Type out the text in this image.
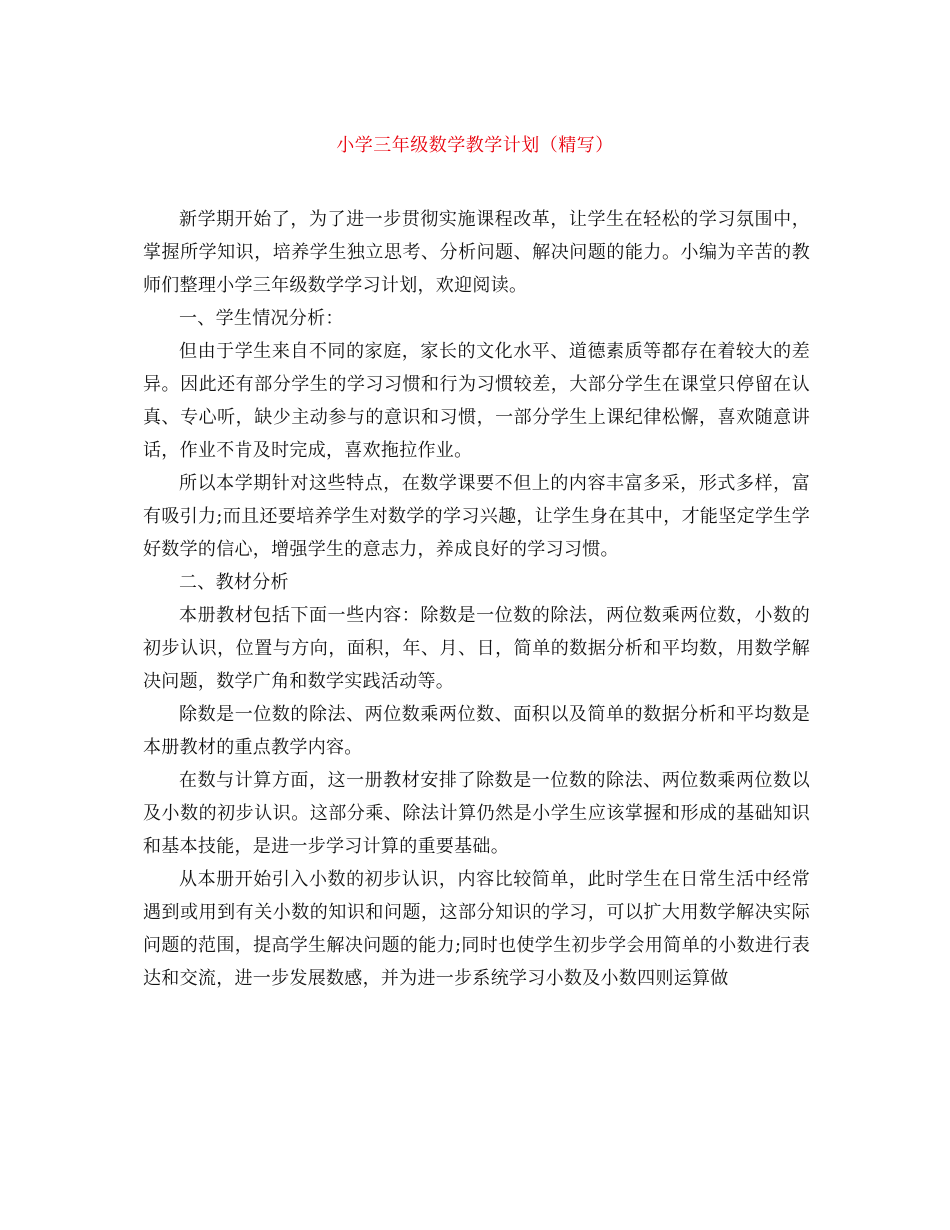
小学三年级数学教学计划（精写）

新学期开始了，为了进一步贯彻实施课程改革，让学生在轻松的学习氛围中，掌握所学知识，培养学生独立思考、分析问题、解决问题的能力。小编为辛苦的教师们整理小学三年级数学学习计划，欢迎阅读。

一、学生情况分析：

但由于学生来自不同的家庭，家长的文化水平、道德素质等都存在着较大的差异。因此还有部分学生的学习习惯和行为习惯较差，大部分学生在课堂只停留在认真、专心听，缺少主动参与的意识和习惯，一部分学生上课纪律松懈，喜欢随意讲话，作业不肯及时完成，喜欢拖拉作业。

所以本学期针对这些特点，在数学课要不但上的内容丰富多采，形式多样，富有吸引力;而且还要培养学生对数学的学习兴趣，让学生身在其中，才能坚定学生学好数学的信心，增强学生的意志力，养成良好的学习习惯。

二、教材分析

本册教材包括下面一些内容：除数是一位数的除法，两位数乘两位数，小数的初步认识，位置与方向，面积，年、月、日，简单的数据分析和平均数，用数学解决问题，数学广角和数学实践活动等。

除数是一位数的除法、两位数乘两位数、面积以及简单的数据分析和平均数是本册教材的重点教学内容。

在数与计算方面，这一册教材安排了除数是一位数的除法、两位数乘两位数以及小数的初步认识。这部分乘、除法计算仍然是小学生应该掌握和形成的基础知识和基本技能，是进一步学习计算的重要基础。

从本册开始引入小数的初步认识，内容比较简单，此时学生在日常生活中经常遇到或用到有关小数的知识和问题，这部分知识的学习，可以扩大用数学解决实际问题的范围，提高学生解决问题的能力;同时也使学生初步学会用简单的小数进行表达和交流，进一步发展数感，并为进一步系统学习小数及小数四则运算做
